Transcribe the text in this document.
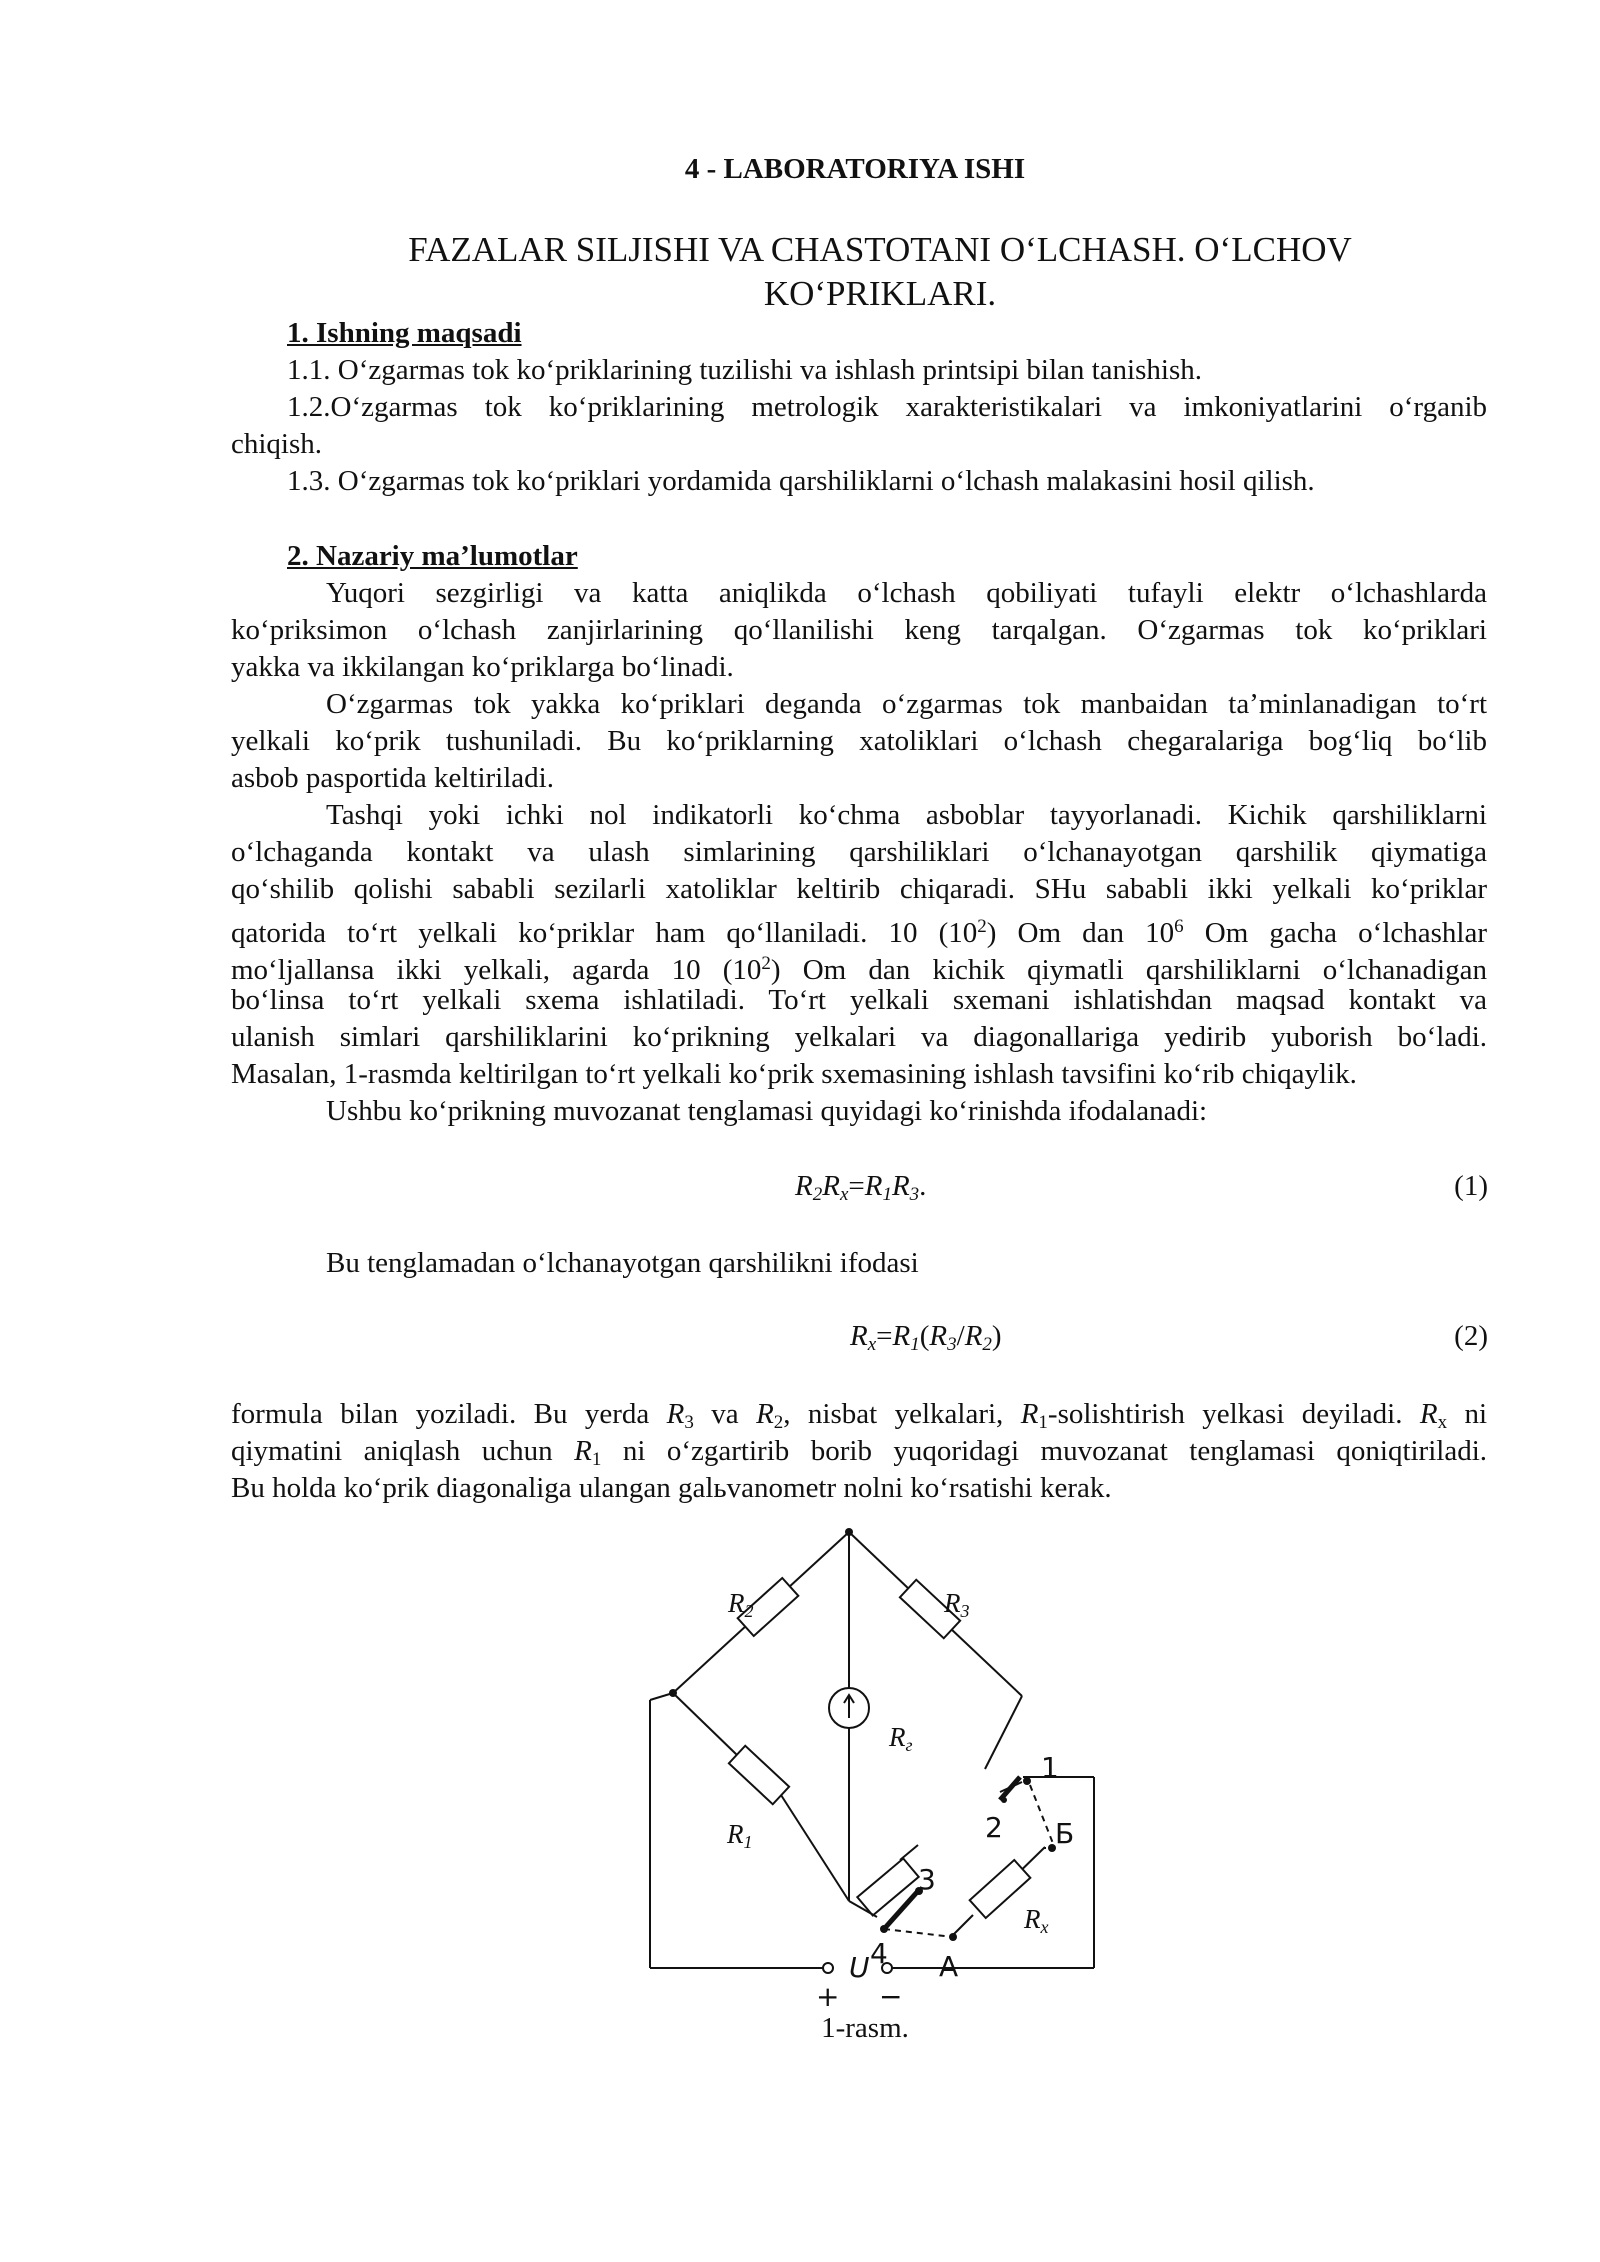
4 - LABORATORIYA ISHI
FAZALAR SILJISHI VA CHASTOTANI O‘LCHASH. O‘LCHOV
KO‘PRIKLARI.
1. Ishning maqsadi
1.1. O‘zgarmas tok ko‘priklarining tuzilishi va ishlash printsipi bilan tanishish.
1.2.O‘zgarmas tok ko‘priklarining metrologik xarakteristikalari va imkoniyatlarini o‘rganib
chiqish.
1.3. O‘zgarmas tok ko‘priklari yordamida qarshiliklarni o‘lchash malakasini hosil qilish.
2. Nazariy ma’lumotlar
Yuqori sezgirligi va katta aniqlikda o‘lchash qobiliyati tufayli elektr o‘lchashlarda
ko‘priksimon o‘lchash zanjirlarining qo‘llanilishi keng tarqalgan. O‘zgarmas tok ko‘priklari
yakka va ikkilangan ko‘priklarga bo‘linadi.
O‘zgarmas tok yakka ko‘priklari deganda o‘zgarmas tok manbaidan ta’minlanadigan to‘rt
yelkali ko‘prik tushuniladi. Bu ko‘priklarning xatoliklari o‘lchash chegaralariga bog‘liq bo‘lib
asbob pasportida keltiriladi.
Tashqi yoki ichki nol indikatorli ko‘chma asboblar tayyorlanadi. Kichik qarshiliklarni
o‘lchaganda kontakt va ulash simlarining qarshiliklari o‘lchanayotgan qarshilik qiymatiga
qo‘shilib qolishi sababli sezilarli xatoliklar keltirib chiqaradi. SHu sababli ikki yelkali ko‘priklar
qatorida to‘rt yelkali ko‘priklar ham qo‘llaniladi. 10 $(10^2)$ Om dan $10^6$ Om gacha o‘lchashlar
mo‘ljallansa ikki yelkali, agarda 10 $(10^2)$ Om dan kichik qiymatli qarshiliklarni o‘lchanadigan
bo‘linsa to‘rt yelkali sxema ishlatiladi. To‘rt yelkali sxemani ishlatishdan maqsad kontakt va
ulanish simlari qarshiliklarini ko‘prikning yelkalari va diagonallariga yedirib yuborish bo‘ladi.
Masalan, 1-rasmda keltirilgan to‘rt yelkali ko‘prik sxemasining ishlash tavsifini ko‘rib chiqaylik.
Ushbu ko‘prikning muvozanat tenglamasi quyidagi ko‘rinishda ifodalanadi:
$R_2R_x=R_1R_3$.	(1)
Bu tenglamadan o‘lchanayotgan qarshilikni ifodasi
$R_x=R_1(R_3/R_2)$	(2)
formula bilan yoziladi. Bu yerda $R_3$ va $R_2$, nisbat yelkalari, $R_1$-solishtirish yelkasi deyiladi. $R_x$ ni
qiymatini aniqlash uchun $R_1$ ni o‘zgartirib borib yuqoridagi muvozanat tenglamasi qoniqtiriladi.
Bu holda ko‘prik diagonaliga ulangan galьvanometr nolni ko‘rsatishi kerak.
R2	R3
Rг
R1
Rx
1
2
3
4 А
Б
U
+ −
1-rasm.
